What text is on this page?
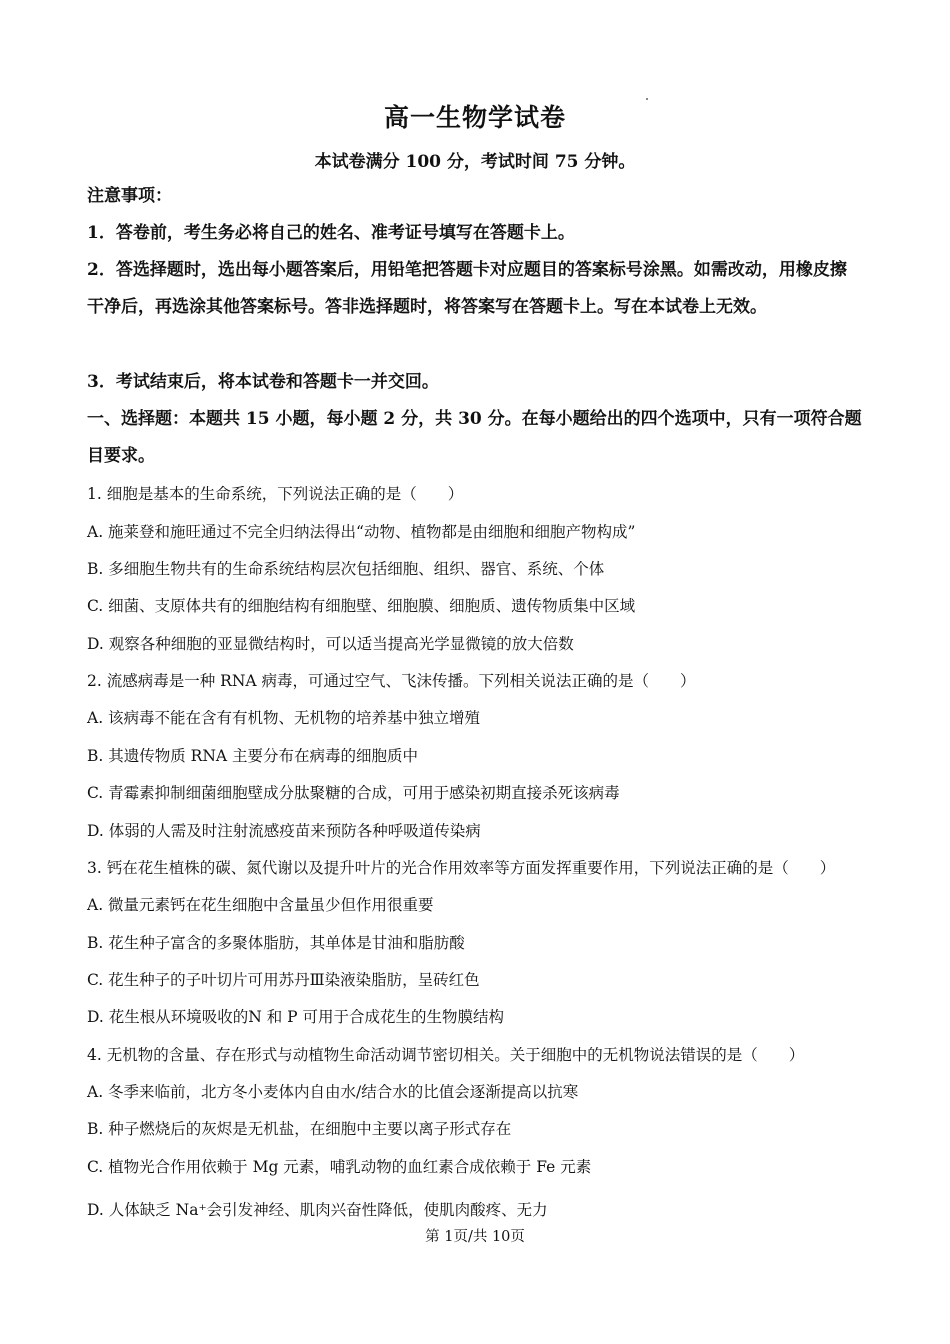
高一生物学试卷
本试卷满分 100 分，考试时间 75 分钟。
注意事项：
1．答卷前，考生务必将自己的姓名、准考证号填写在答题卡上。
2．答选择题时，选出每小题答案后，用铅笔把答题卡对应题目的答案标号涂黑。如需改动，用橡皮擦干净后，再选涂其他答案标号。答非选择题时，将答案写在答题卡上。写在本试卷上无效。
3．考试结束后，将本试卷和答题卡一并交回。
一、选择题：本题共 15 小题，每小题 2 分，共 30 分。在每小题给出的四个选项中，只有一项符合题目要求。
1. 细胞是基本的生命系统，下列说法正确的是（　　）
A. 施莱登和施旺通过不完全归纳法得出“动物、植物都是由细胞和细胞产物构成”
B. 多细胞生物共有的生命系统结构层次包括细胞、组织、器官、系统、个体
C. 细菌、支原体共有的细胞结构有细胞壁、细胞膜、细胞质、遗传物质集中区域
D. 观察各种细胞的亚显微结构时，可以适当提高光学显微镜的放大倍数
2. 流感病毒是一种 RNA 病毒，可通过空气、飞沫传播。下列相关说法正确的是（　　）
A. 该病毒不能在含有有机物、无机物的培养基中独立增殖
B. 其遗传物质 RNA 主要分布在病毒的细胞质中
C. 青霉素抑制细菌细胞壁成分肽聚糖的合成，可用于感染初期直接杀死该病毒
D. 体弱的人需及时注射流感疫苗来预防各种呼吸道传染病
3. 钙在花生植株的碳、氮代谢以及提升叶片的光合作用效率等方面发挥重要作用，下列说法正确的是（　　）
A. 微量元素钙在花生细胞中含量虽少但作用很重要
B. 花生种子富含的多聚体脂肪，其单体是甘油和脂肪酸
C. 花生种子的子叶切片可用苏丹Ⅲ染液染脂肪，呈砖红色
D. 花生根从环境吸收的N 和 P 可用于合成花生的生物膜结构
4. 无机物的含量、存在形式与动植物生命活动调节密切相关。关于细胞中的无机物说法错误的是（　　）
A. 冬季来临前，北方冬小麦体内自由水/结合水的比值会逐渐提高以抗寒
B. 种子燃烧后的灰烬是无机盐，在细胞中主要以离子形式存在
C. 植物光合作用依赖于 Mg 元素，哺乳动物的血红素合成依赖于 Fe 元素
D. 人体缺乏 Na⁺会引发神经、肌肉兴奋性降低，使肌肉酸疼、无力
第 1页/共 10页
